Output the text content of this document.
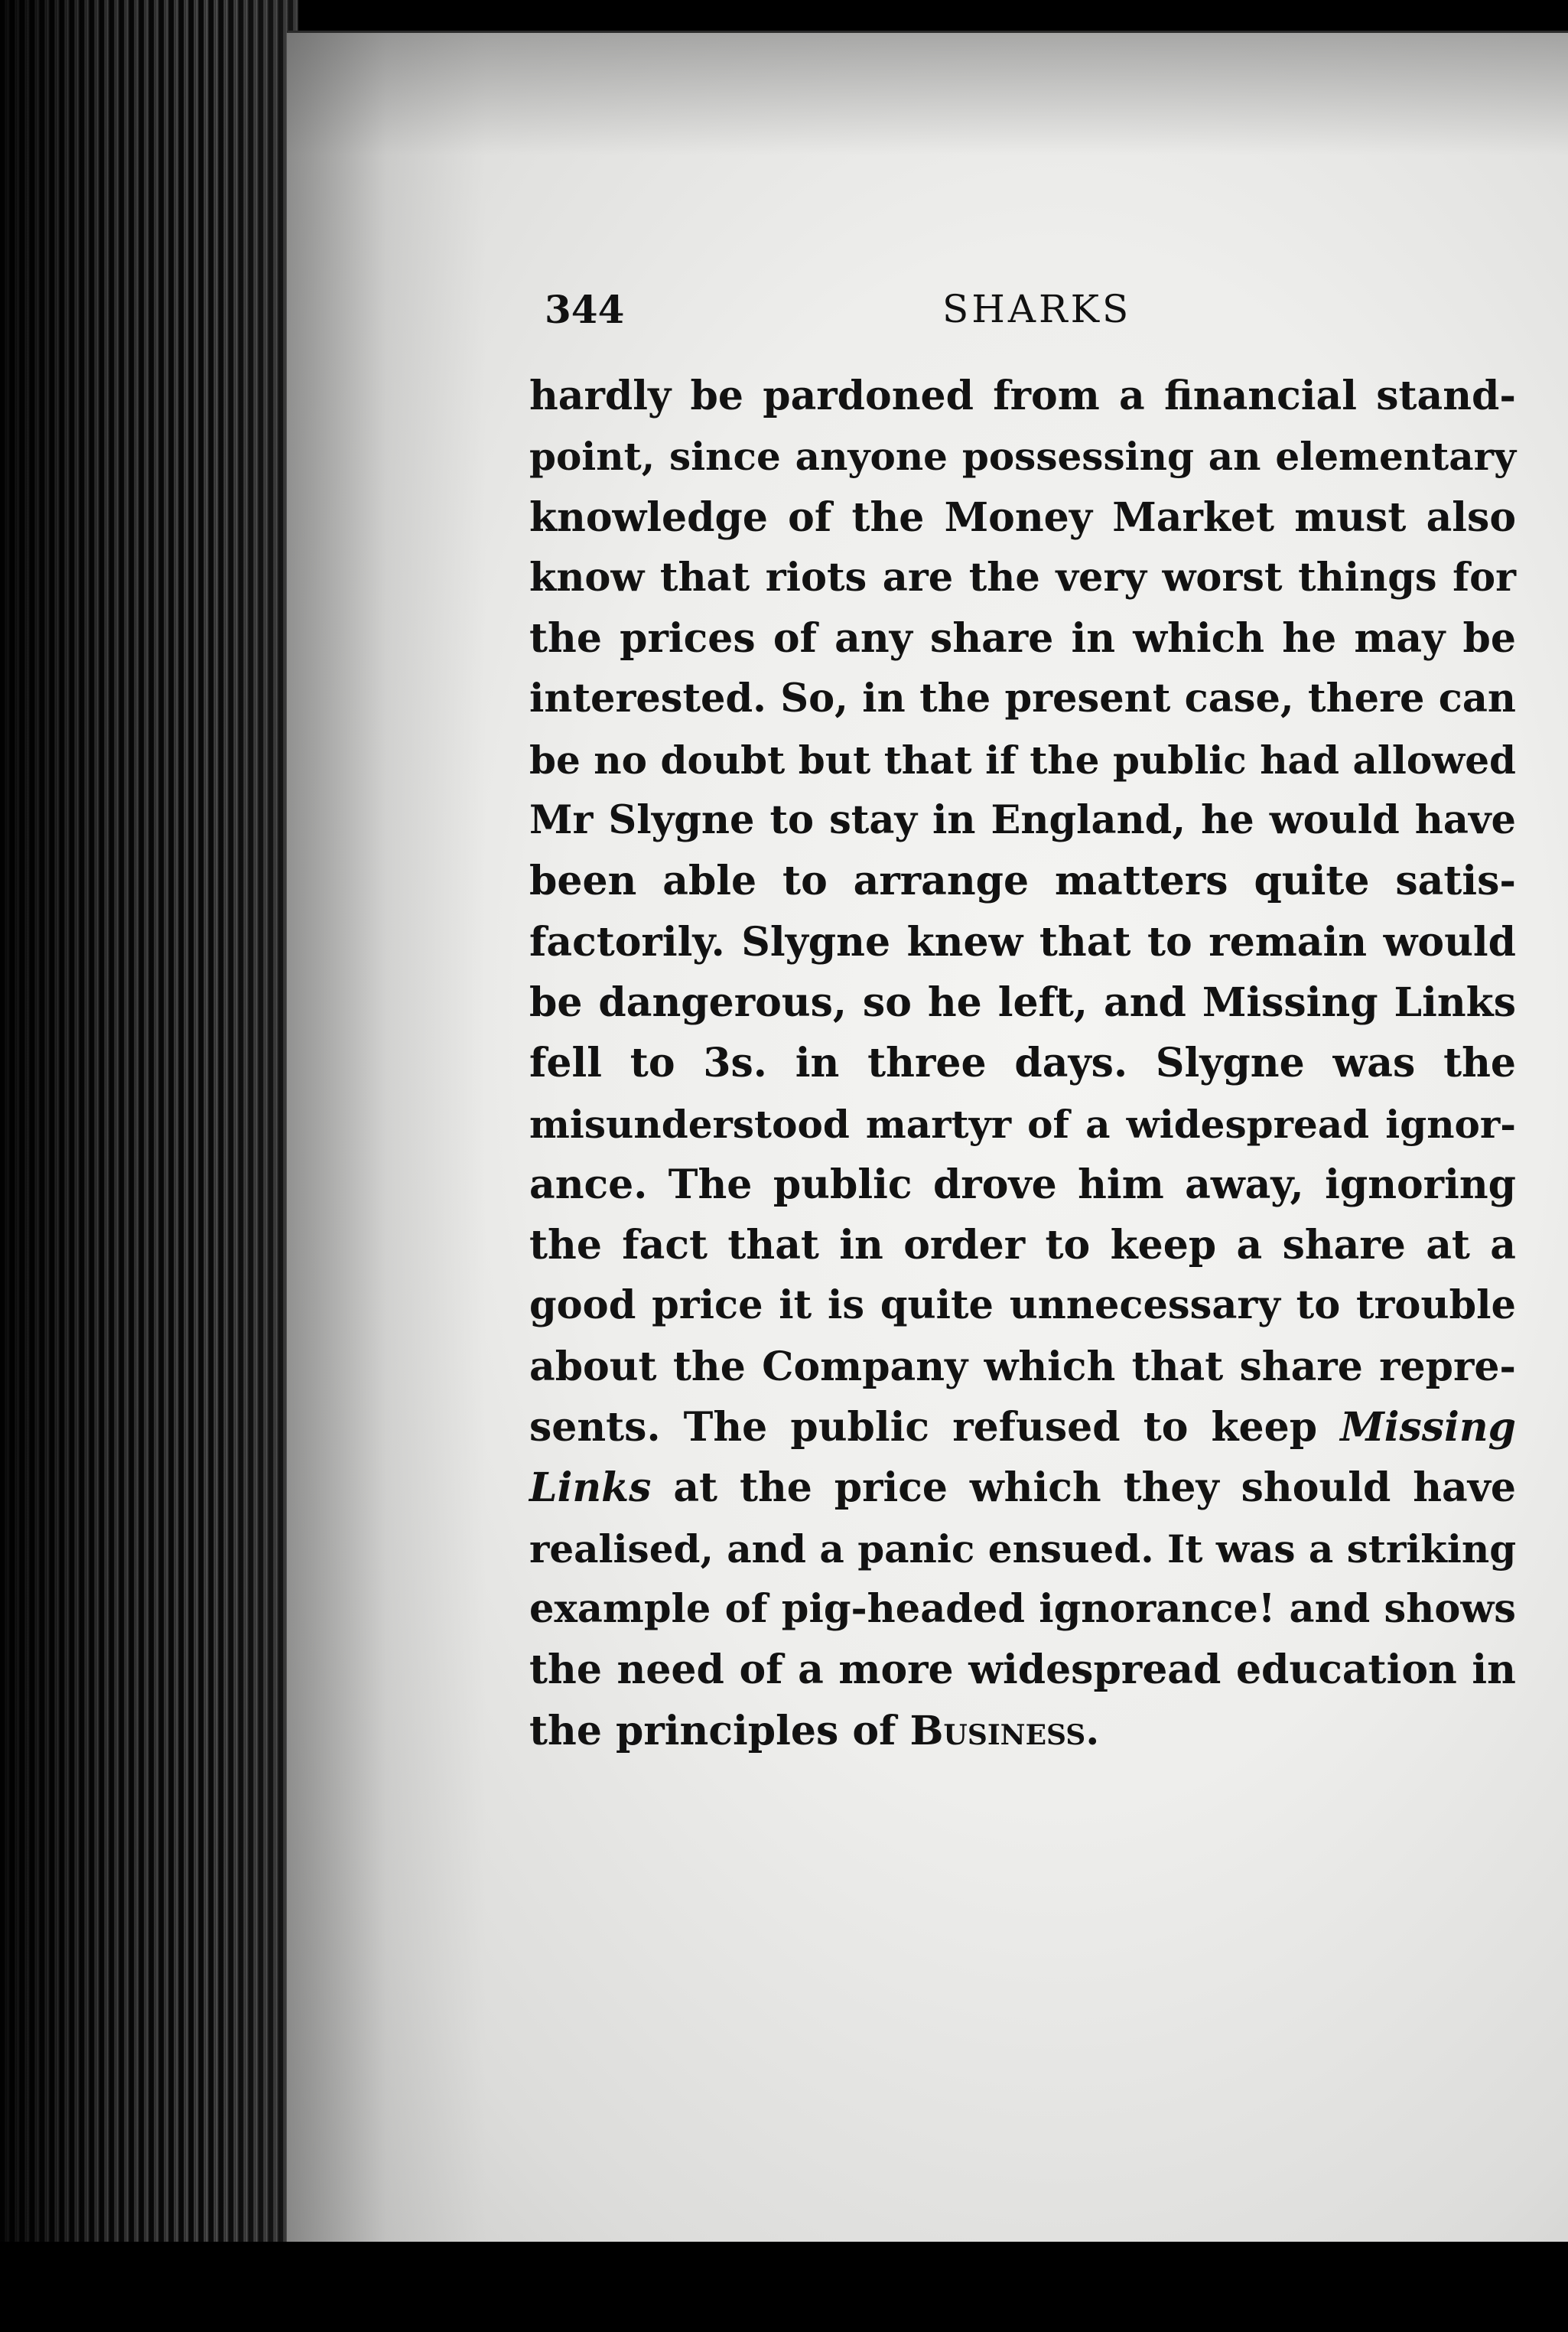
344	SHARKS
hardly be pardoned from a financial stand-
point, since anyone possessing an elementary
knowledge of the Money Market must also
know that riots are the very worst things for
the prices of any share in which he may be
interested. So, in the present case, there can
be no doubt but that if the public had allowed
Mr Slygne to stay in England, he would have
been able to arrange matters quite satis-
factorily. Slygne knew that to remain would
be dangerous, so he left, and Missing Links
fell to 3s. in three days. Slygne was the
misunderstood martyr of a widespread ignor-
ance. The public drove him away, ignoring
the fact that in order to keep a share at a
good price it is quite unnecessary to trouble
about the Company which that share repre-
sents. The public refused to keep Missing
Links at the price which they should have
realised, and a panic ensued. It was a striking
example of pig-headed ignorance! and shows
the need of a more widespread education in
the principles of Business.
